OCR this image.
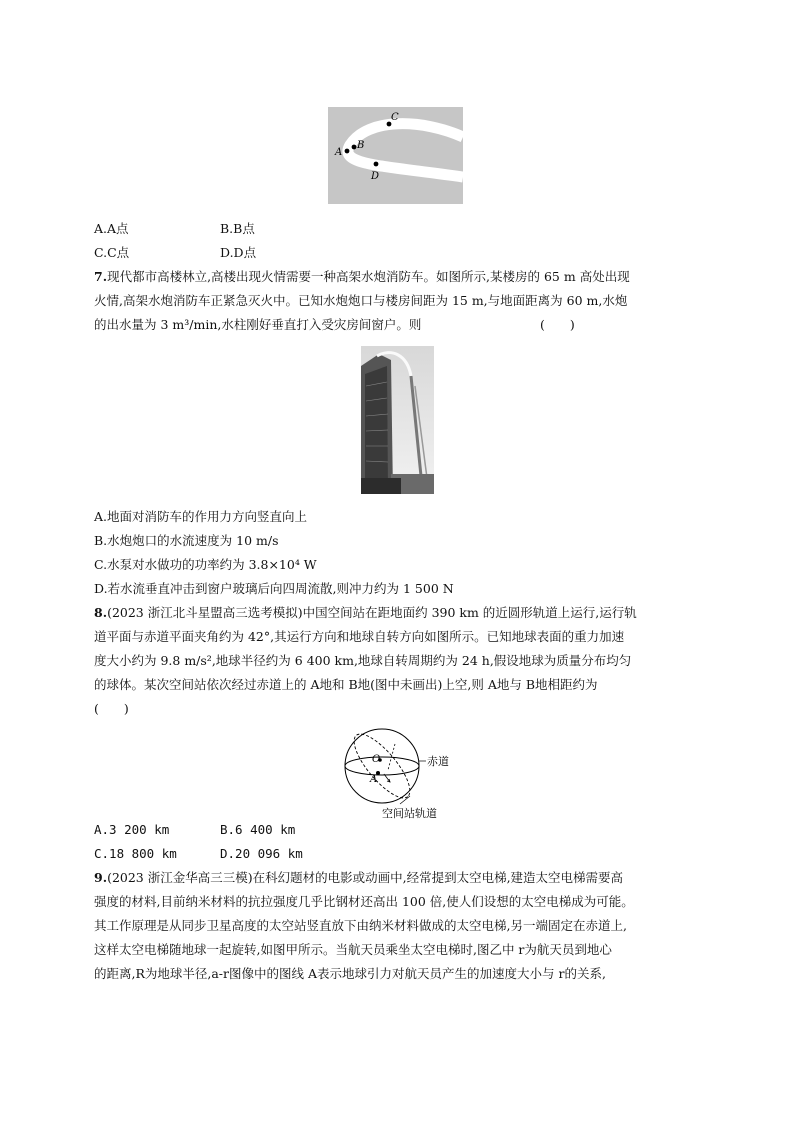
A
B
C
D
A.A点	B.B点
C.C点	D.D点
7.现代都市高楼林立,高楼出现火情需要一种高架水炮消防车。如图所示,某楼房的 65 m 高处出现
火情,高架水炮消防车正紧急灭火中。已知水炮炮口与楼房间距为 15 m,与地面距离为 60 m,水炮
的出水量为 3 m³/min,水柱刚好垂直打入受灾房间窗户。则	(　　)
A.地面对消防车的作用力方向竖直向上
B.水炮炮口的水流速度为 10 m/s
C.水泵对水做功的功率约为 3.8×10⁴ W
D.若水流垂直冲击到窗户玻璃后向四周流散,则冲力约为 1 500 N
8.(2023 浙江北斗星盟高三选考模拟)中国空间站在距地面约 390 km 的近圆形轨道上运行,运行轨
道平面与赤道平面夹角约为 42°,其运行方向和地球自转方向如图所示。已知地球表面的重力加速
度大小约为 9.8 m/s²,地球半径约为 6 400 km,地球自转周期约为 24 h,假设地球为质量分布均匀
的球体。某次空间站依次经过赤道上的 A地和 B地(图中未画出)上空,则 A地与 B地相距约为
(　　)
O
A
赤道
空间站轨道
A.3 200 km	B.6 400 km
C.18 800 km	D.20 096 km
9.(2023 浙江金华高三三模)在科幻题材的电影或动画中,经常提到太空电梯,建造太空电梯需要高
强度的材料,目前纳米材料的抗拉强度几乎比钢材还高出 100 倍,使人们设想的太空电梯成为可能。
其工作原理是从同步卫星高度的太空站竖直放下由纳米材料做成的太空电梯,另一端固定在赤道上,
这样太空电梯随地球一起旋转,如图甲所示。当航天员乘坐太空电梯时,图乙中 r为航天员到地心
的距离,R为地球半径,a-r图像中的图线 A表示地球引力对航天员产生的加速度大小与 r的关系,
